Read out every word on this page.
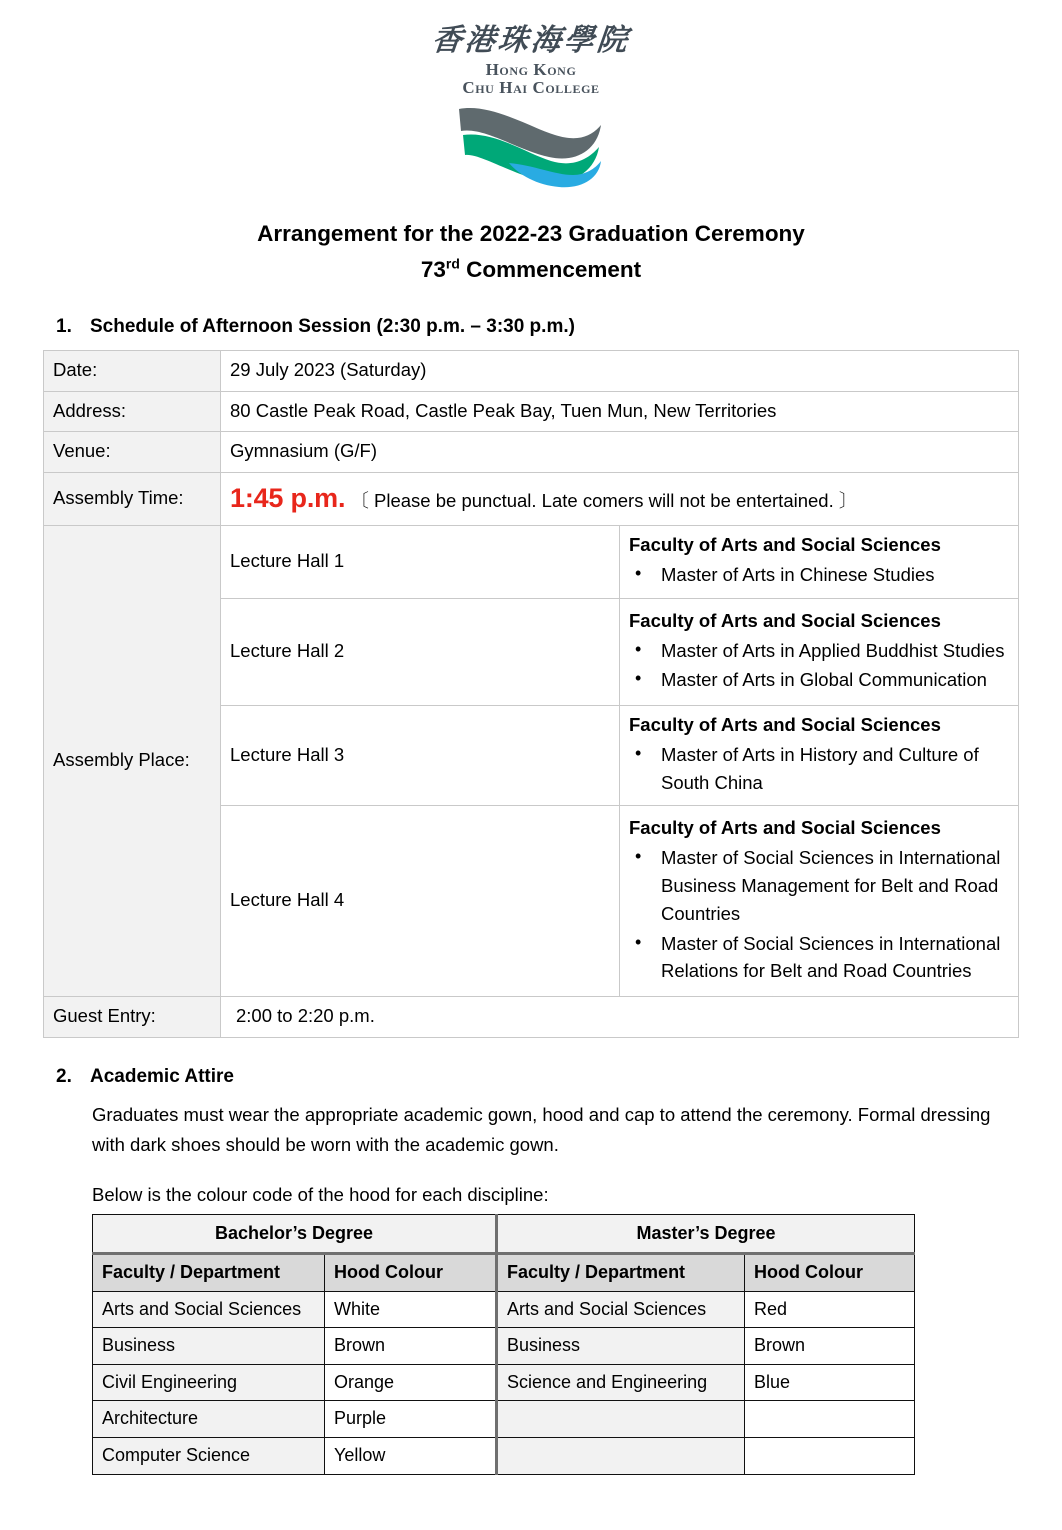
香港珠海學院
Hong Kong
Chu Hai College
Arrangement for the 2022-23 Graduation Ceremony
73rd Commencement
1. Schedule of Afternoon Session (2:30 p.m. – 3:30 p.m.)
Date:	29 July 2023 (Saturday)	
Address:	80 Castle Peak Road, Castle Peak Bay, Tuen Mun, New Territories	
Venue:	Gymnasium (G/F)	
Assembly Time:	1:45 p.m. 〔 Please be punctual. Late comers will not be entertained. 〕	
Assembly Place:	Lecture Hall 1	
Faculty of Arts and Social Sciences
• Master of Arts in Chinese Studies

Lecture Hall 2	
Faculty of Arts and Social Sciences
• Master of Arts in Applied Buddhist Studies
• Master of Arts in Global Communication

Lecture Hall 3	
Faculty of Arts and Social Sciences
• Master of Arts in History and Culture of South China

Lecture Hall 4	
Faculty of Arts and Social Sciences
• Master of Social Sciences in International Business Management for Belt and Road Countries
• Master of Social Sciences in International Relations for Belt and Road Countries

Guest Entry:	2:00 to 2:20 p.m.	
2. Academic Attire

Graduates must wear the appropriate academic gown, hood and cap to attend the ceremony. Formal dressing with dark shoes should be worn with the academic gown.

Below is the colour code of the hood for each discipline:

Bachelor’s Degree		Master’s Degree	
Faculty / Department	Hood Colour	Faculty / Department	Hood Colour
Arts and Social Sciences	White	Arts and Social Sciences	Red
Business	Brown	Business	Brown
Civil Engineering	Orange	Science and Engineering	Blue
Architecture	Purple		
Computer Science	Yellow		
